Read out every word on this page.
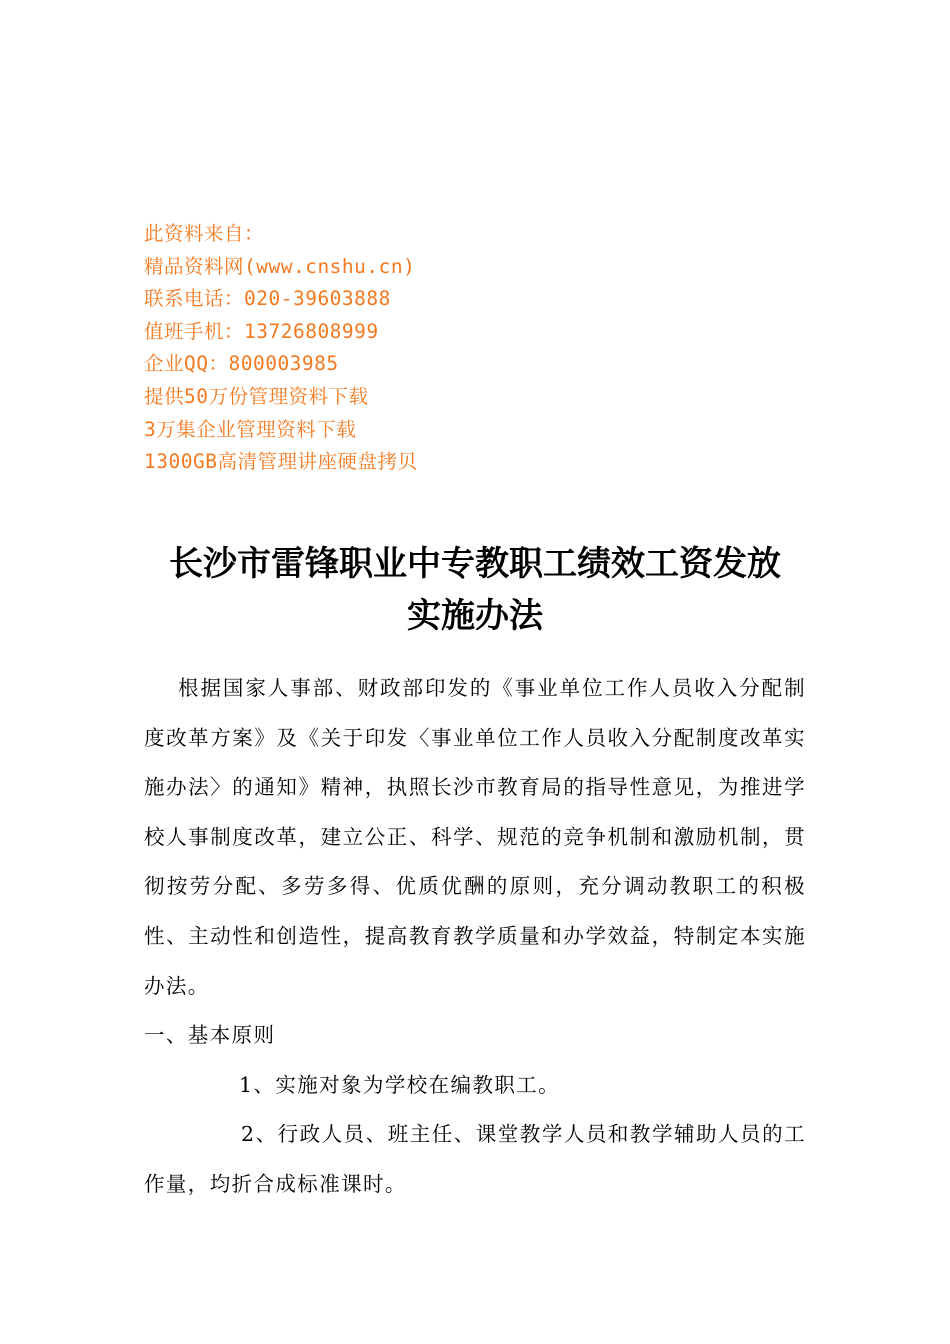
此资料来自：
精品资料网(www.cnshu.cn)
联系电话：020-39603888
值班手机：13726808999
企业QQ：800003985
提供50万份管理资料下载
3万集企业管理资料下载
1300GB高清管理讲座硬盘拷贝
长沙市雷锋职业中专教职工绩效工资发放
实施办法

根据国家人事部、财政部印发的《事业单位工作人员收入分配制度改革方案》及《关于印发〈事业单位工作人员收入分配制度改革实施办法〉的通知》精神，执照长沙市教育局的指导性意见，为推进学校人事制度改革，建立公正、科学、规范的竞争机制和激励机制，贯彻按劳分配、多劳多得、优质优酬的原则，充分调动教职工的积极性、主动性和创造性，提高教育教学质量和办学效益，特制定本实施办法。

一、基本原则

1、实施对象为学校在编教职工。

2、行政人员、班主任、课堂教学人员和教学辅助人员的工作量，均折合成标准课时。
